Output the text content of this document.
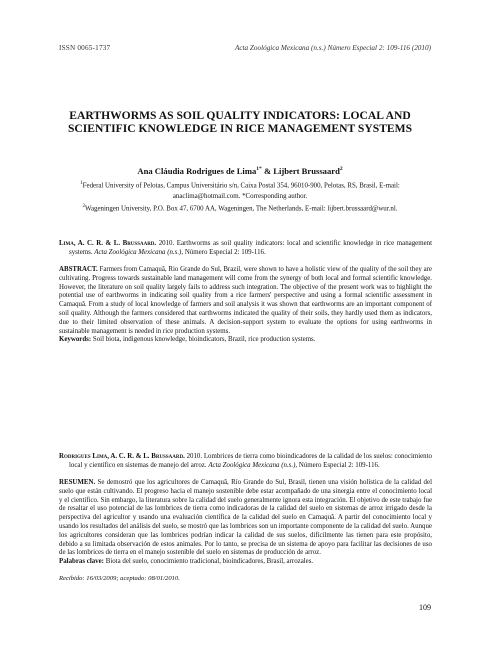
ISSN 0065-1737	Acta Zoológica Mexicana (n.s.) Número Especial 2: 109-116 (2010)
EARTHWORMS AS SOIL QUALITY INDICATORS: LOCAL AND SCIENTIFIC KNOWLEDGE IN RICE MANAGEMENT SYSTEMS
Ana Cláudia Rodrigues de Lima$^{1*}$ & Lijbert Brussaard$^2$

$^1$Federal University of Pelotas, Campus Universitário s/n, Caixa Postal 354, 96010-900, Pelotas, RS, Brasil, E-mail: anaclima@hotmail.com. *Corresponding author.

$^2$Wageningen University, P.O. Box 47, 6700 AA, Wageningen, The Netherlands, E-mail: lijbert.brussaard@wur.nl.

Lima, A. C. R. & L. Brussaard. 2010. Earthworms as soil quality indicators: local and scientific knowledge in rice management systems. Acta Zoológica Mexicana (n.s.), Número Especial 2: 109-116.

ABSTRACT. Farmers from Camaquã, Rio Grande do Sul, Brazil, were shown to have a holistic view of the quality of the soil they are cultivating. Progress towards sustainable land management will come from the synergy of both local and formal scientific knowledge. However, the literature on soil quality largely fails to address such integration. The objective of the present work was to highlight the potential use of earthworms in indicating soil quality from a rice farmers' perspective and using a formal scientific assessment in Camaquã. From a study of local knowledge of farmers and soil analysis it was shown that earthworms are an important component of soil quality. Although the farmers considered that earthworms indicated the quality of their soils, they hardly used them as indicators, due to their limited observation of these animals. A decision-support system to evaluate the options for using earthworms in sustainable management is needed in rice production systems.

Keywords: Soil biota, indigenous knowledge, bioindicators, Brazil, rice production systems.

Rodrigues Lima, A. C. R. & L. Brussaard. 2010. Lombrices de tierra como bioindicadores de la calidad de los suelos: conocimiento local y científico en sistemas de manejo del arroz. Acta Zoológica Mexicana (n.s.), Número Especial 2: 109-116.

RESUMEN. Se demostró que los agricultores de Camaquã, Río Grande do Sul, Brasil, tienen una visión holística de la calidad del suelo que están cultivando. El progreso hacia el manejo sostenible debe estar acompañado de una sinergia entre el conocimiento local y el científico. Sin embargo, la literatura sobre la calidad del suelo generalmente ignora esta integración. El objetivo de este trabajo fue de resaltar el uso potencial de las lombrices de tierra como indicadoras de la calidad del suelo en sistemas de arroz irrigado desde la perspectiva del agricultor y usando una evaluación científica de la calidad del suelo en Camaquã. A partir del conocimiento local y usando los resultados del análisis del suelo, se mostró que las lombrices son un importante componente de la calidad del suelo. Aunque los agricultores consideran que las lombrices podrían indicar la calidad de sus suelos, difícilmente las tienen para este propósito, debido a su limitada observación de estos animales. Por lo tanto, se precisa de un sistema de apoyo para facilitar las decisiones de uso de las lombrices de tierra en el manejo sostenible del suelo en sistemas de producción de arroz.

Palabras clave: Biota del suelo, conocimiento tradicional, bioindicadores, Brasil, arrozales.

Recibido: 16/03/2009; aceptado: 08/01/2010.
109
